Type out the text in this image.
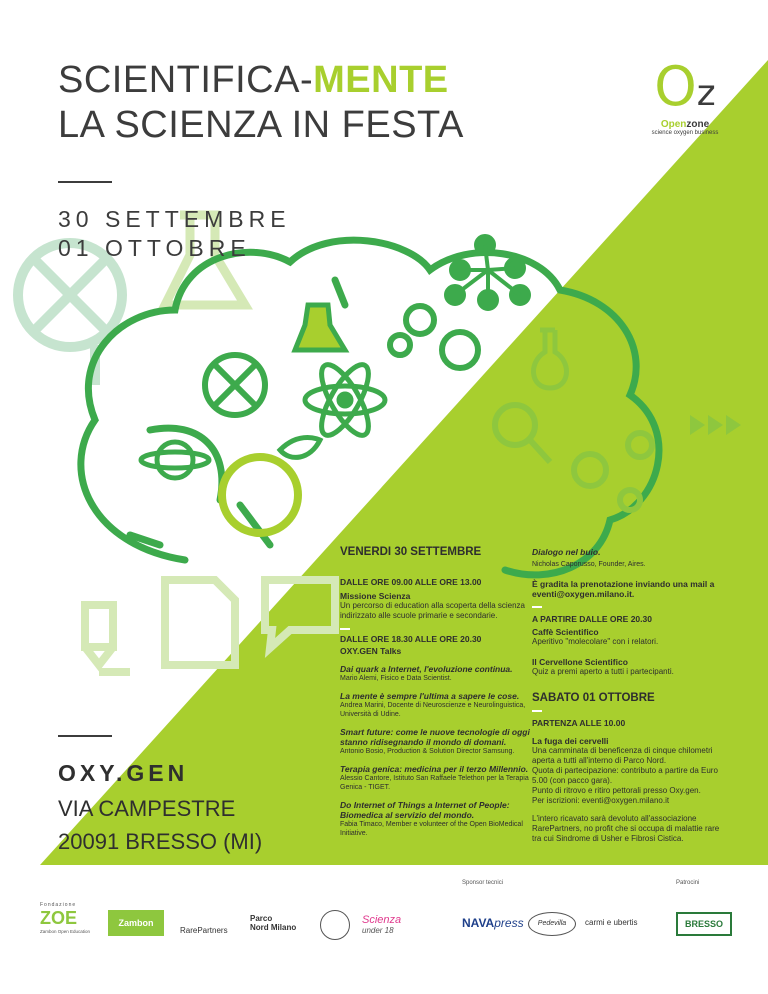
SCIENTIFICA-MENTE
LA SCIENZA IN FESTA
30 SETTEMBRE
01 OTTOBRE
Oz
Openzone
science oxygen business
OXY.GEN
VIA CAMPESTRE
20091 BRESSO (MI)
VENERDI 30 SETTEMBRE
DALLE ORE 09.00 ALLE ORE 13.00
Missione Scienza
Un percorso di education alla scoperta della scienza indirizzato alle scuole primarie e secondarie.
DALLE ORE 18.30 ALLE ORE 20.30
OXY.GEN Talks
Dai quark a Internet, l'evoluzione continua.
Mario Alemi, Fisico e Data Scientist.
La mente è sempre l'ultima a sapere le cose.
Andrea Marini, Docente di Neuroscienze e Neurolinguistica, Università di Udine.
Smart future: come le nuove tecnologie di oggi stanno ridisegnando il mondo di domani.
Antonio Bosio, Production & Solution Director Samsung.
Terapia genica: medicina per il terzo Millennio.
Alessio Cantore, Istituto San Raffaele Telethon per la Terapia Genica - TIGET.
Do Internet of Things a Internet of People: Biomedica al servizio del mondo.
Fabia Timaco, Member e volunteer of the Open BioMedical Initiative.
Dialogo nel buio.
Nicholas Caporusso, Founder, Aires.
È gradita la prenotazione inviando una mail a eventi@oxygen.milano.it.
A PARTIRE DALLE ORE 20.30
Caffè Scientifico
Aperitivo "molecolare" con i relatori.
Il Cervellone Scientifico
Quiz a premi aperto a tutti i partecipanti.
SABATO 01 OTTOBRE
PARTENZA ALLE 10.00
La fuga dei cervelli
Una camminata di beneficenza di cinque chilometri aperta a tutti all'interno di Parco Nord.
Quota di partecipazione: contributo a partire da Euro 5.00 (con pacco gara).
Punto di ritrovo e ritiro pettorali presso Oxy.gen.
Per iscrizioni: eventi@oxygen.milano.it
L'intero ricavato sarà devoluto all'associazione RarePartners, no profit che si occupa di malattie rare tra cui Sindrome di Usher e Fibrosi Cistica.
Sponsor tecnici	Patrocini
Fondazione
ZOE
Zambon Open Education
Zambon
RarePartners
Parco
Nord Milano
Scienza
under 18
NAVApress	Pedevilla	carmi e ubertis	BRESSO
